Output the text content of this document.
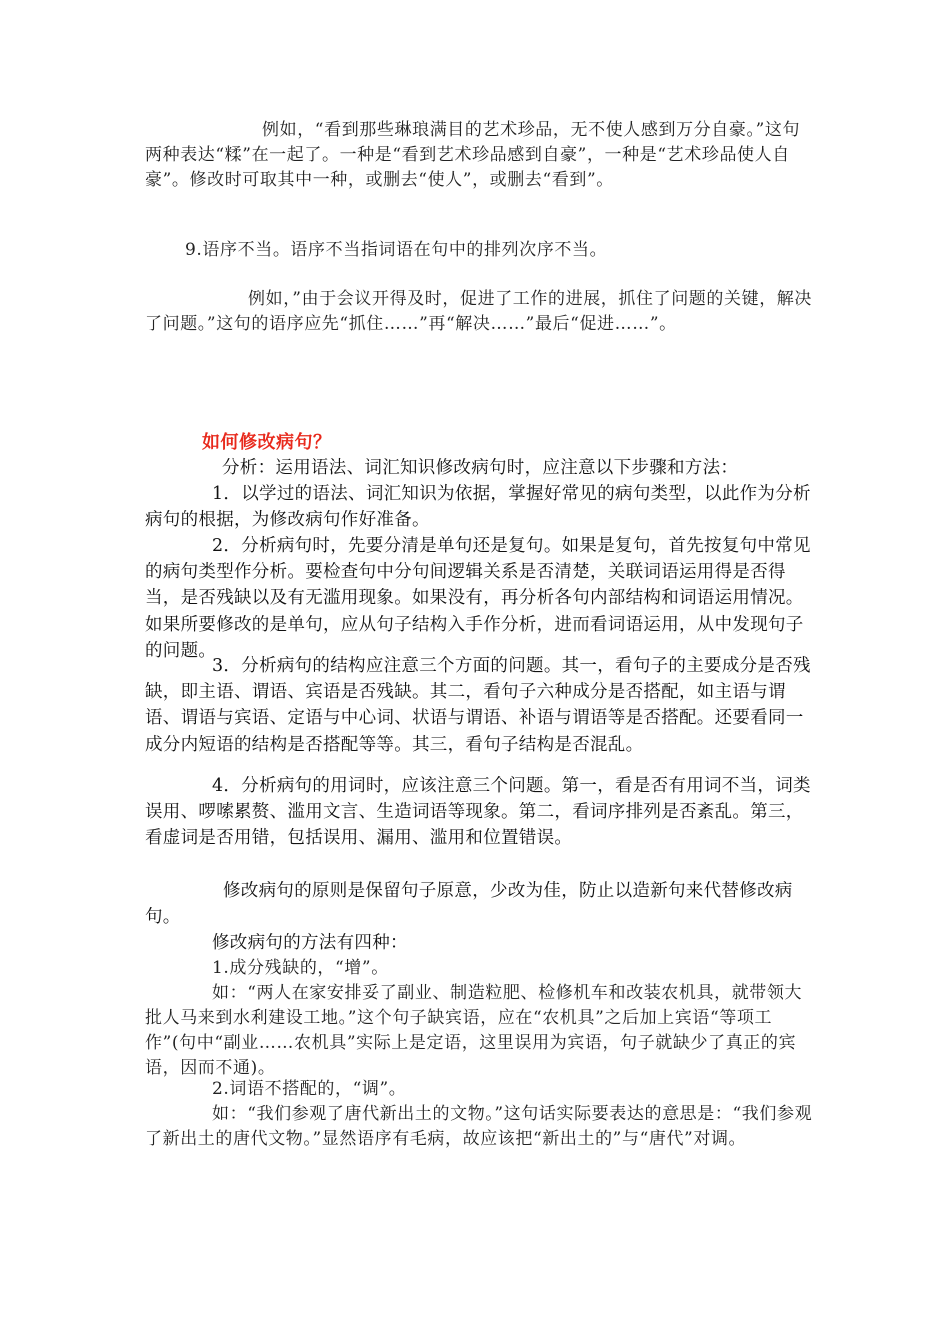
例如，“看到那些琳琅满目的艺术珍品，无不使人感到万分自豪。”这句两种表达“糅”在一起了。一种是“看到艺术珍品感到自豪”，一种是“艺术珍品使人自豪”。修改时可取其中一种，或删去“使人”，或删去“看到”。

9.语序不当。语序不当指词语在句中的排列次序不当。

例如，”由于会议开得及时，促进了工作的进展，抓住了问题的关键，解决了问题。”这句的语序应先“抓住……”再“解决……”最后“促进……”。

如何修改病句？

分析：运用语法、词汇知识修改病句时，应注意以下步骤和方法：

1．以学过的语法、词汇知识为依据，掌握好常见的病句类型，以此作为分析病句的根据，为修改病句作好准备。

2．分析病句时，先要分清是单句还是复句。如果是复句，首先按复句中常见的病句类型作分析。要检查句中分句间逻辑关系是否清楚，关联词语运用得是否得当，是否残缺以及有无滥用现象。如果没有，再分析各句内部结构和词语运用情况。如果所要修改的是单句，应从句子结构入手作分析，进而看词语运用，从中发现句子的问题。

3．分析病句的结构应注意三个方面的问题。其一，看句子的主要成分是否残缺，即主语、谓语、宾语是否残缺。其二，看句子六种成分是否搭配，如主语与谓语、谓语与宾语、定语与中心词、状语与谓语、补语与谓语等是否搭配。还要看同一成分内短语的结构是否搭配等等。其三，看句子结构是否混乱。

4．分析病句的用词时，应该注意三个问题。第一，看是否有用词不当，词类误用、啰嗦累赘、滥用文言、生造词语等现象。第二，看词序排列是否紊乱。第三，看虚词是否用错，包括误用、漏用、滥用和位置错误。

修改病句的原则是保留句子原意，少改为佳，防止以造新句来代替修改病句。

修改病句的方法有四种：

1.成分残缺的，“增”。

如：“两人在家安排妥了副业、制造粒肥、检修机车和改装农机具，就带领大批人马来到水利建设工地。”这个句子缺宾语，应在“农机具”之后加上宾语“等项工作”(句中“副业……农机具”实际上是定语，这里误用为宾语，句子就缺少了真正的宾语，因而不通)。

2.词语不搭配的，“调”。

如：“我们参观了唐代新出土的文物。”这句话实际要表达的意思是：“我们参观了新出土的唐代文物。”显然语序有毛病，故应该把“新出土的”与“唐代”对调。
